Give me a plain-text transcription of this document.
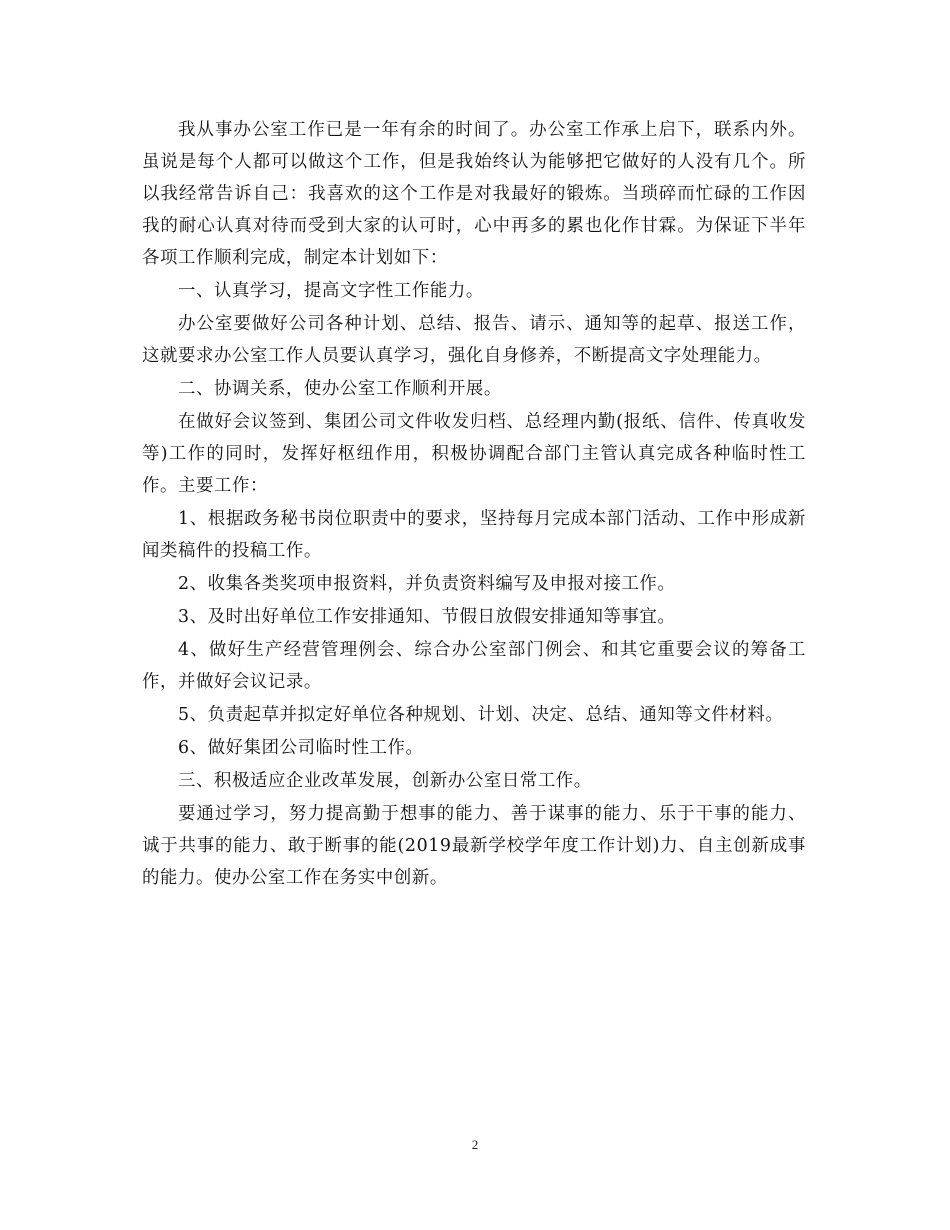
我从事办公室工作已是一年有余的时间了。办公室工作承上启下，联系内外。虽说是每个人都可以做这个工作，但是我始终认为能够把它做好的人没有几个。所以我经常告诉自己：我喜欢的这个工作是对我最好的锻炼。当琐碎而忙碌的工作因我的耐心认真对待而受到大家的认可时，心中再多的累也化作甘霖。为保证下半年各项工作顺利完成，制定本计划如下：

一、认真学习，提高文字性工作能力。

办公室要做好公司各种计划、总结、报告、请示、通知等的起草、报送工作，这就要求办公室工作人员要认真学习，强化自身修养，不断提高文字处理能力。

二、协调关系，使办公室工作顺利开展。

在做好会议签到、集团公司文件收发归档、总经理内勤(报纸、信件、传真收发等)工作的同时，发挥好枢纽作用，积极协调配合部门主管认真完成各种临时性工作。主要工作：

1、根据政务秘书岗位职责中的要求，坚持每月完成本部门活动、工作中形成新闻类稿件的投稿工作。

2、收集各类奖项申报资料，并负责资料编写及申报对接工作。

3、及时出好单位工作安排通知、节假日放假安排通知等事宜。

4、做好生产经营管理例会、综合办公室部门例会、和其它重要会议的筹备工作，并做好会议记录。

5、负责起草并拟定好单位各种规划、计划、决定、总结、通知等文件材料。

6、做好集团公司临时性工作。

三、积极适应企业改革发展，创新办公室日常工作。

要通过学习，努力提高勤于想事的能力、善于谋事的能力、乐于干事的能力、诚于共事的能力、敢于断事的能(2019最新学校学年度工作计划)力、自主创新成事的能力。使办公室工作在务实中创新。

2
